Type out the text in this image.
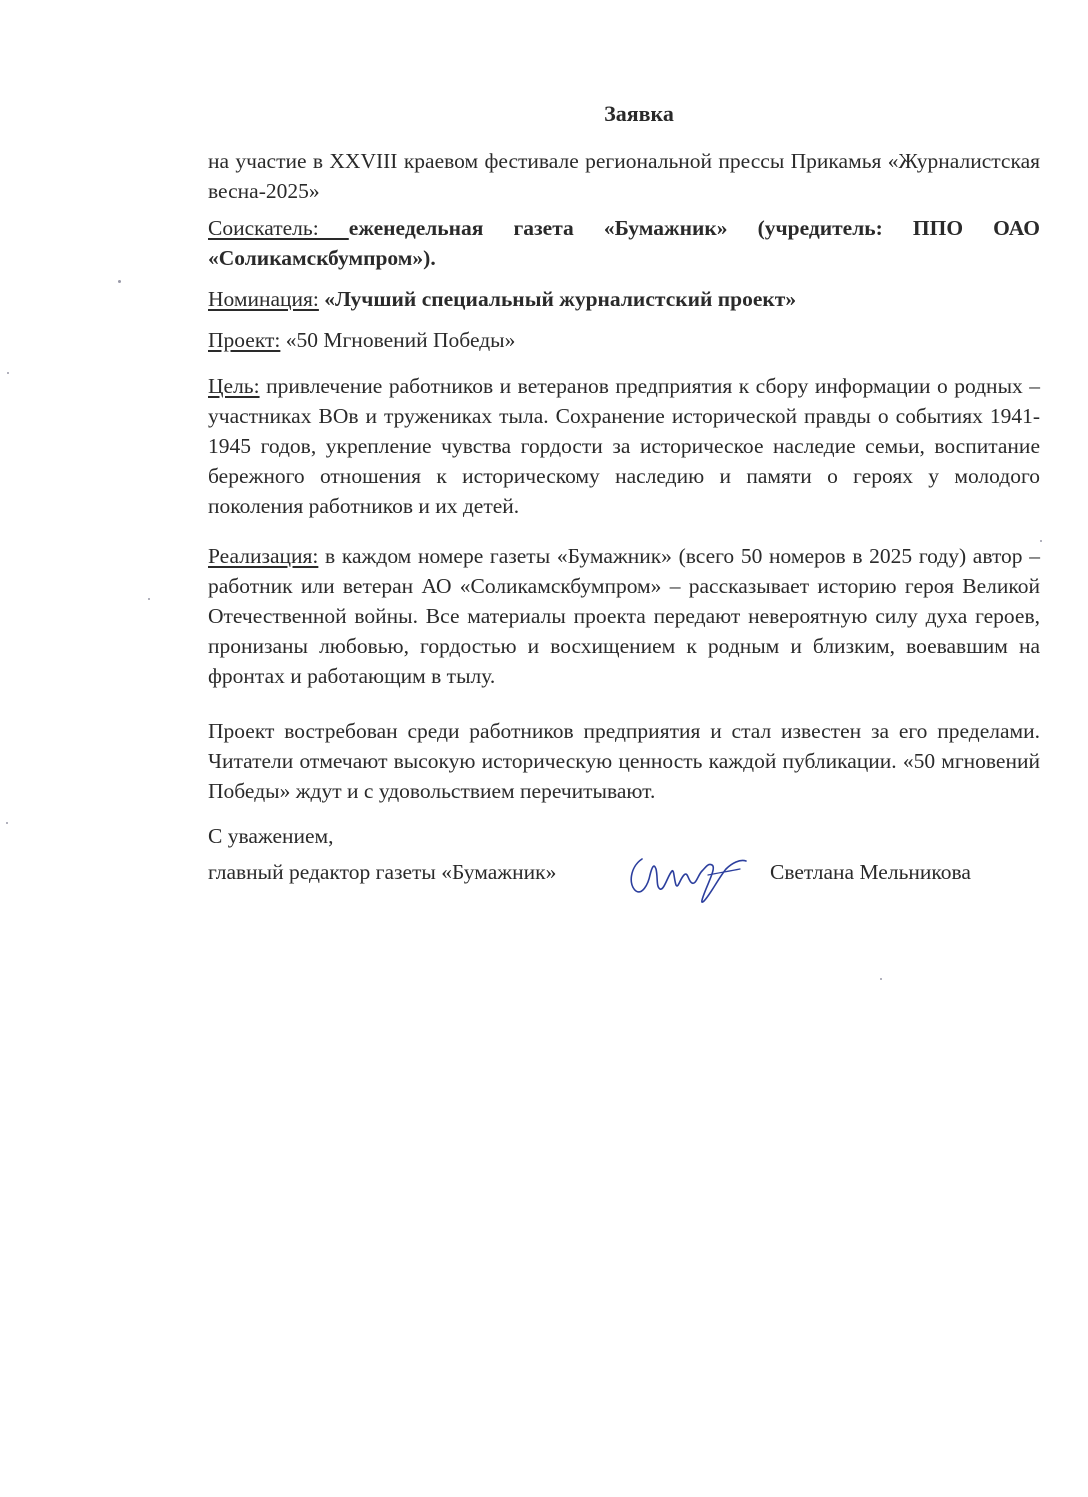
Заявка
на участие в XXVIII краевом фестивале региональной прессы Прикамья «Журналистская весна-2025»
Соискатель: еженедельная газета «Бумажник» (учредитель: ППО ОАО «Соликамскбумпром»).
Номинация: «Лучший специальный журналистский проект»
Проект: «50 Мгновений Победы»
Цель: привлечение работников и ветеранов предприятия к сбору информации о родных – участниках ВОв и тружениках тыла. Сохранение исторической правды о событиях 1941-1945 годов, укрепление чувства гордости за историческое наследие семьи, воспитание бережного отношения к историческому наследию и памяти о героях у молодого поколения работников и их детей.
Реализация: в каждом номере газеты «Бумажник» (всего 50 номеров в 2025 году) автор – работник или ветеран АО «Соликамскбумпром» – рассказывает историю героя Великой Отечественной войны. Все материалы проекта передают невероятную силу духа героев, пронизаны любовью, гордостью и восхищением к родным и близким, воевавшим на фронтах и работающим в тылу.
Проект востребован среди работников предприятия и стал известен за его пределами. Читатели отмечают высокую историческую ценность каждой публикации. «50 мгновений Победы» ждут и с удовольствием перечитывают.
С уважением,
главный редактор газеты «Бумажник»	Светлана Мельникова
